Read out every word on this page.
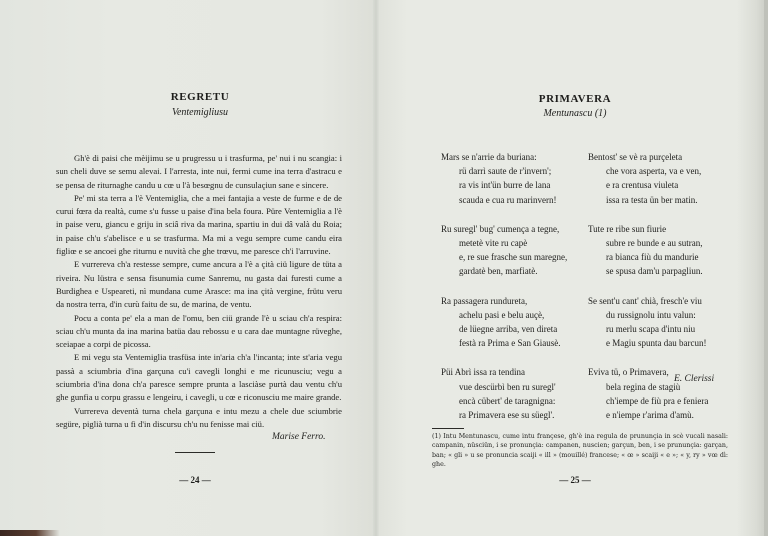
REGRETU
Ventemigliusu

Gh'è di paisi che mèijimu se u prugressu u i trasfurma, pe' nui i nu scangia: i sun cheli duve se semu alevai. I l'arresta, inte nui, fermi cume ina terra d'astracu e se pensa de riturnaghe candu u cœ u l'à besœgnu de cunsulaçiun sane e sincere.

Pe' mi sta terra a l'è Ventemiglia, che a mei fantajia a veste de furme e de de curui fœra da realtà, cume s'u fusse u paise d'ina bela foura. Püre Ventemiglia a l'è in paise veru, giancu e griju in sciâ riva da marina, spartiu in dui dâ valà du Roia; in paise ch'u s'abelisce e u se trasfurma. Ma mi a vegu sempre cume candu eira figliœ e se ancoei ghe riturnu e nuvità che ghe trœvu, me paresce ch'i l'arruvine.

E vurrereva ch'a restesse sempre, cume ancura a l'è a çità ciü ligure de tüta a riveira. Nu lüstra e sensa fisunumia cume Sanremu, nu gasta dai furesti cume a Burdighea e Uspeareti, nì mundana cume Arasce: ma ina çità vergine, frütu veru da nostra terra, d'in curù faitu de su, de marina, de ventu.

Pocu a conta pe' ela a man de l'omu, ben ciü grande l'è u sciau ch'a respira: sciau ch'u munta da ina marina batüa dau rebossu e u cara dae muntagne rüveghe, sceiapae a corpi de picossa.

E mi vegu sta Ventemiglia trasfüsa inte in'aria ch'a l'incanta; inte st'aria vegu passà a sciumbria d'ina garçuna cu'i cavegli longhi e me ricunusciu; vegu a sciumbria d'ina dona ch'a paresce sempre prunta a lasciàse purtà dau ventu ch'u ghe gunfia u corpu grassu e lengeiru, i cavegli, u cœ e riconusciu me maire grande.

Vurrereva deventà turna chela garçuna e intu mezu a chele due sciumbrie següre, piglià turna u fi d'in discursu ch'u nu fenisse mai ciü.

Marise Ferro.
— 24 —
PRIMAVERA
Mentunascu (1)
Mars se n'arrie da buriana:
rü darrì saute de r'invern';
ra vis int'ün burre de lana
scauda e cua ru marinvern!
Ru suregl' bug' cumença a tegne,
metetè vite ru capè
e, re sue frasche sun maregne,
gardatè ben, marfiatè.
Ra passagera rundureta,
achelu pasi e belu auçè,
de lüegne arriba, ven direta
festà ra Prima e San Giausè.
Püi Abrì issa ra tendina
vue descürbì ben ru suregl'
encà cübert' de taragnigna:
ra Primavera ese su süegl'.
Bentost' se vè ra purçeleta
che vora asperta, va e ven,
e ra crentusa viuleta
issa ra testa ün ber matin.
Tute re ribe sun fiurie
subre re bunde e au sutran,
ra bianca fiù du mandurie
se spusa dam'u parpagliun.
Se sent'u cant' chià, fresch'e viu
du russignolu intu valun:
ru merlu scapa d'intu niu
e Magiu spunta dau barcun!
Eviva tü, o Primavera,
bela regina de stagiù
ch'iempe de fiù pra e feniera
e n'iempe r'arima d'amù.
E. Clerissi
(1) Intu Mentunascu, cume intu françese, gh'è ina regula de prununçia in scè vucali nasali: campanin, nüsciün, i se pronunçia: campanen, nuscien; garçun, ben, i se prununçia: garçan, ban; « gli » u se pronuncia scaiji « ill » (mouillé) francese; « œ » scaiji « e »; « y, ry » vœ dì: ghe.
— 25 —
